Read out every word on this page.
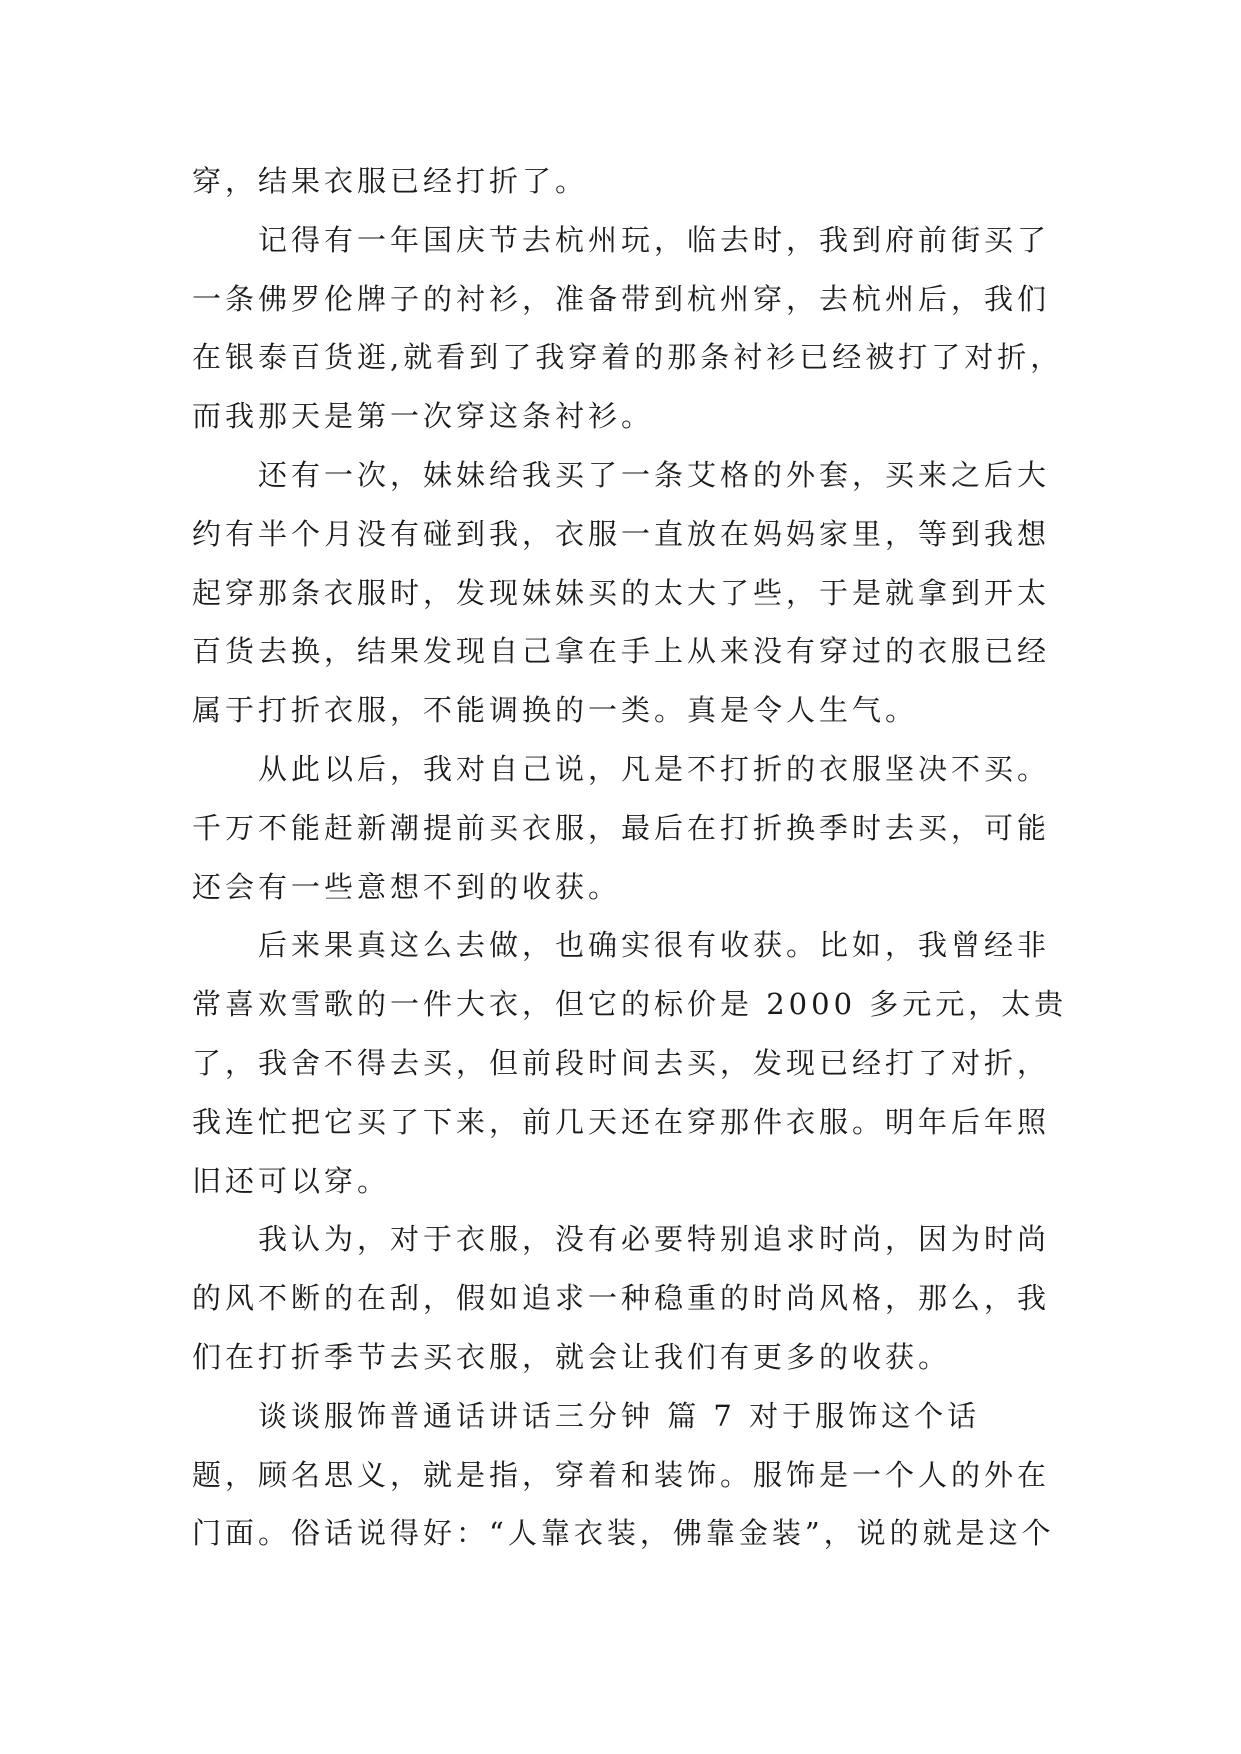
穿，结果衣服已经打折了。
记得有一年国庆节去杭州玩，临去时，我到府前街买了
一条佛罗伦牌子的衬衫，准备带到杭州穿，去杭州后，我们
在银泰百货逛,就看到了我穿着的那条衬衫已经被打了对折，
而我那天是第一次穿这条衬衫。
还有一次，妹妹给我买了一条艾格的外套，买来之后大
约有半个月没有碰到我，衣服一直放在妈妈家里，等到我想
起穿那条衣服时，发现妹妹买的太大了些，于是就拿到开太
百货去换，结果发现自己拿在手上从来没有穿过的衣服已经
属于打折衣服，不能调换的一类。真是令人生气。
从此以后，我对自己说，凡是不打折的衣服坚决不买。
千万不能赶新潮提前买衣服，最后在打折换季时去买，可能
还会有一些意想不到的收获。
后来果真这么去做，也确实很有收获。比如，我曾经非
常喜欢雪歌的一件大衣，但它的标价是 2000 多元元，太贵
了，我舍不得去买，但前段时间去买，发现已经打了对折，
我连忙把它买了下来，前几天还在穿那件衣服。明年后年照
旧还可以穿。
我认为，对于衣服，没有必要特别追求时尚，因为时尚
的风不断的在刮，假如追求一种稳重的时尚风格，那么，我
们在打折季节去买衣服，就会让我们有更多的收获。
谈谈服饰普通话讲话三分钟 篇 7 对于服饰这个话
题，顾名思义，就是指，穿着和装饰。服饰是一个人的外在
门面。俗话说得好：“人靠衣装，佛靠金装”，说的就是这个
